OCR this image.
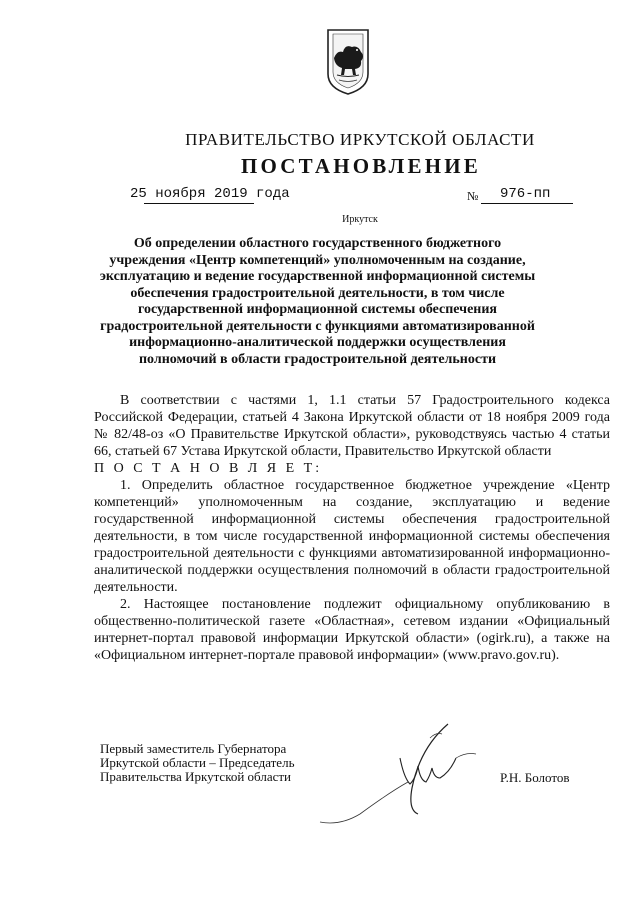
ПРАВИТЕЛЬСТВО ИРКУТСКОЙ ОБЛАСТИ
ПОСТАНОВЛЕНИЕ
25 ноября 2019 года	№ 976-пп
Иркутск
Об определении областного государственного бюджетного учреждения «Центр компетенций» уполномоченным на создание, эксплуатацию и ведение государственной информационной системы обеспечения градостроительной деятельности, в том числе государственной информационной системы обеспечения градостроительной деятельности с функциями автоматизированной информационно-аналитической поддержки осуществления полномочий в области градостроительной деятельности

В соответствии с частями 1, 1.1 статьи 57 Градостроительного кодекса Российской Федерации, статьей 4 Закона Иркутской области от 18 ноября 2009 года № 82/48-оз «О Правительстве Иркутской области», руководствуясь частью 4 статьи 66, статьей 67 Устава Иркутской области, Правительство Иркутской области

П О С Т А Н О В Л Я Е Т:

1. Определить областное государственное бюджетное учреждение «Центр компетенций» уполномоченным на создание, эксплуатацию и ведение государственной информационной системы обеспечения градостроительной деятельности, в том числе государственной информационной системы обеспечения градостроительной деятельности с функциями автоматизированной информационно-аналитической поддержки осуществления полномочий в области градостроительной деятельности.

2. Настоящее постановление подлежит официальному опубликованию в общественно-политической газете «Областная», сетевом издании «Официальный интернет-портал правовой информации Иркутской области» (ogirk.ru), а также на «Официальном интернет-портале правовой информации» (www.pravo.gov.ru).

Первый заместитель Губернатора
Иркутской области – Председатель
Правительства Иркутской области	Р.Н. Болотов
